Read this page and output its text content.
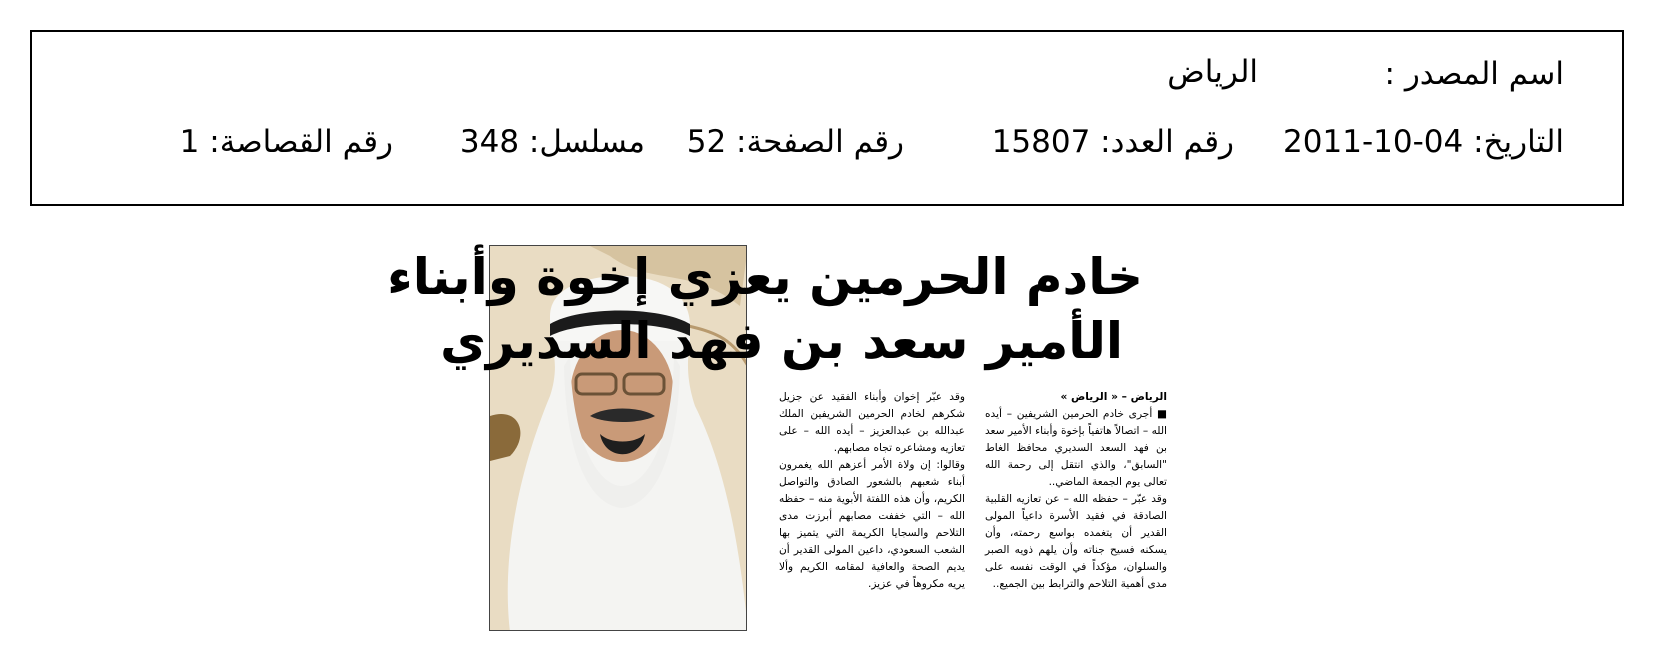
اسم المصدر :
الرياض
التاريخ: 04-10-2011
رقم العدد: 15807
رقم الصفحة: 52
مسلسل: 348
رقم القصاصة: 1
خادم الحرمين يعزي إخوة وأبناء
الأمير سعد بن فهد السديري
الرياض – « الرياض »
■ أجرى خادم الحرمين الشريفين – أيده الله – اتصالاً هاتفياً بإخوة وأبناء الأمير سعد بن فهد السعد السديري محافظ الغاط "السابق"، والذي انتقل إلى رحمة الله تعالى يوم الجمعة الماضي..
وقد عبّر – حفظه الله – عن تعازيه القلبية الصادقة في فقيد الأسرة داعياً المولى القدير أن يتغمده بواسع رحمته، وأن يسكنه فسيح جناته وأن يلهم ذويه الصبر والسلوان، مؤكداً في الوقت نفسه على مدى أهمية التلاحم والترابط بين الجميع..
وقد عبّر إخوان وأبناء الفقيد عن جزيل شكرهم لخادم الحرمين الشريفين الملك عبدالله بن عبدالعزيز – أيده الله – على تعازيه ومشاعره تجاه مصابهم.
وقالوا: إن ولاة الأمر أعزهم الله يغمرون أبناء شعبهم بالشعور الصادق والتواصل الكريم، وأن هذه اللفتة الأبوية منه – حفظه الله – التي خففت مصابهم أبرزت مدى التلاحم والسجايا الكريمة التي يتميز بها الشعب السعودي، داعين المولى القدير أن يديم الصحة والعافية لمقامه الكريم وألا يريه مكروهاً في عزيز.
